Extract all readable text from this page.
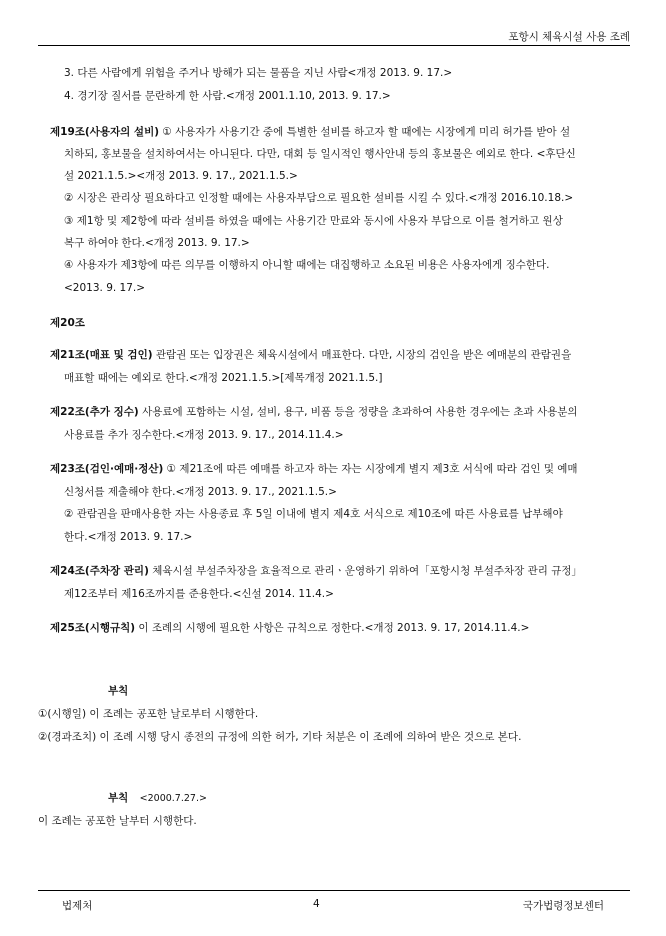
포항시 체육시설 사용 조례
3. 다른 사람에게 위험을 주거나 방해가 되는 물품을 지닌 사람<개정 2013. 9. 17.>
4. 경기장 질서를 문란하게 한 사람.<개정 2001.1.10, 2013. 9. 17.>
제19조(사용자의 설비) ① 사용자가 사용기간 중에 특별한 설비를 하고자 할 때에는 시장에게 미리 허가를 받아 설
치하되, 홍보물을 설치하여서는 아니된다. 다만, 대회 등 일시적인 행사안내 등의 홍보물은 예외로 한다. <후단신
설 2021.1.5.><개정 2013. 9. 17., 2021.1.5.>
② 시장은 관리상 필요하다고 인정할 때에는 사용자부담으로 필요한 설비를 시킬 수 있다.<개정 2016.10.18.>
③ 제1항 및 제2항에 따라 설비를 하였을 때에는 사용기간 만료와 동시에 사용자 부담으로 이를 철거하고 원상
복구 하여야 한다.<개정 2013. 9. 17.>
④ 사용자가 제3항에 따른 의무를 이행하지 아니할 때에는 대집행하고 소요된 비용은 사용자에게 징수한다.
<2013. 9. 17.>
제20조
제21조(매표 및 검인) 관람권 또는 입장권은 체육시설에서 매표한다. 다만, 시장의 검인을 받은 예매분의 관람권을
매표할 때에는 예외로 한다.<개정 2021.1.5.>[제목개정 2021.1.5.]
제22조(추가 징수) 사용료에 포함하는 시설, 설비, 용구, 비품 등을 정량을 초과하여 사용한 경우에는 초과 사용분의
사용료를 추가 징수한다.<개정 2013. 9. 17., 2014.11.4.>
제23조(검인·예매·정산) ① 제21조에 따른 예매를 하고자 하는 자는 시장에게 별지 제3호 서식에 따라 검인 및 예매
신청서를 제출해야 한다.<개정 2013. 9. 17., 2021.1.5.>
② 관람권을 판매사용한 자는 사용종료 후 5일 이내에 별지 제4호 서식으로 제10조에 따른 사용료를 납부해야
한다.<개정 2013. 9. 17.>
제24조(주차장 관리) 체육시설 부설주차장을 효율적으로 관리ㆍ운영하기 위하여「포항시청 부설주차장 관리 규정」
제12조부터 제16조까지를 준용한다.<신설 2014. 11.4.>
제25조(시행규칙) 이 조례의 시행에 필요한 사항은 규칙으로 정한다.<개정 2013. 9. 17, 2014.11.4.>
부칙
①(시행일) 이 조례는 공포한 날로부터 시행한다.
②(경과조치) 이 조례 시행 당시 종전의 규정에 의한 허가, 기타 처분은 이 조례에 의하여 받은 것으로 본다.
부칙 <2000.7.27.>
이 조례는 공포한 날부터 시행한다.
법제처	4	국가법령정보센터
